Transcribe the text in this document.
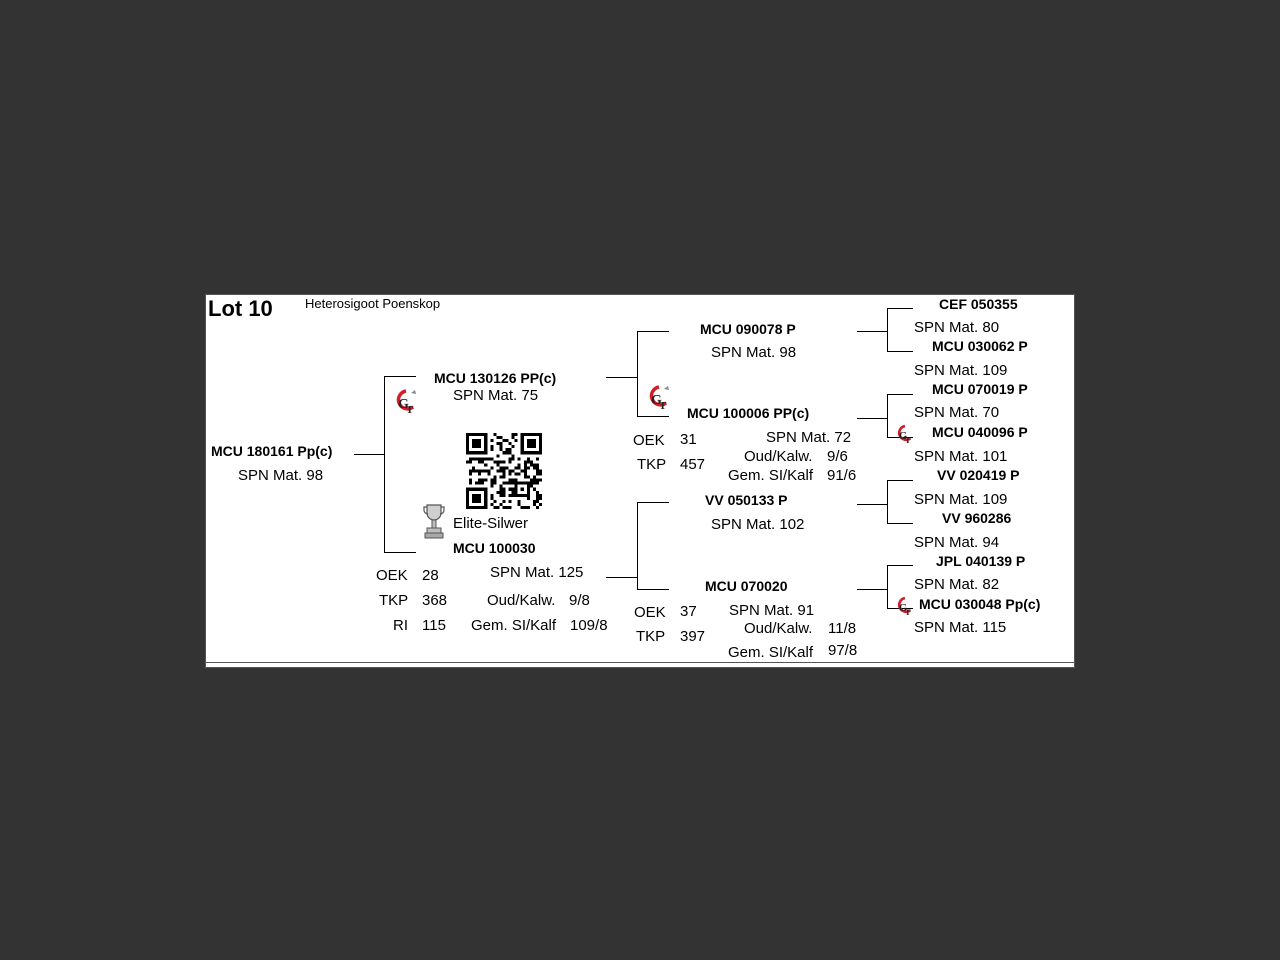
Lot 10 Heterosigoot Poenskop
MCU 180161 Pp(c)
SPN Mat. 98
MCU 130126 PP(c)
SPN Mat. 75
Elite-Silwer
MCU 100030
OEK 28
TKP 368
RI 115
SPN Mat. 125
Oud/Kalw. 9/8
Gem. SI/Kalf 109/8
MCU 090078 P
SPN Mat. 98
MCU 100006 PP(c)
OEK 31
TKP 457
SPN Mat. 72
Oud/Kalw. 9/6
Gem. SI/Kalf 91/6
VV 050133 P
SPN Mat. 102
MCU 070020
OEK 37
TKP 397
SPN Mat. 91
Oud/Kalw. 11/8
Gem. SI/Kalf 97/8
CEF 050355
SPN Mat. 80
MCU 030062 P
SPN Mat. 109
MCU 070019 P
SPN Mat. 70
MCU 040096 P
SPN Mat. 101
VV 020419 P
SPN Mat. 109
VV 960286
SPN Mat. 94
JPL 040139 P
SPN Mat. 82
MCU 030048 Pp(c)
SPN Mat. 115
G
T
G
T
G
T
G
T
